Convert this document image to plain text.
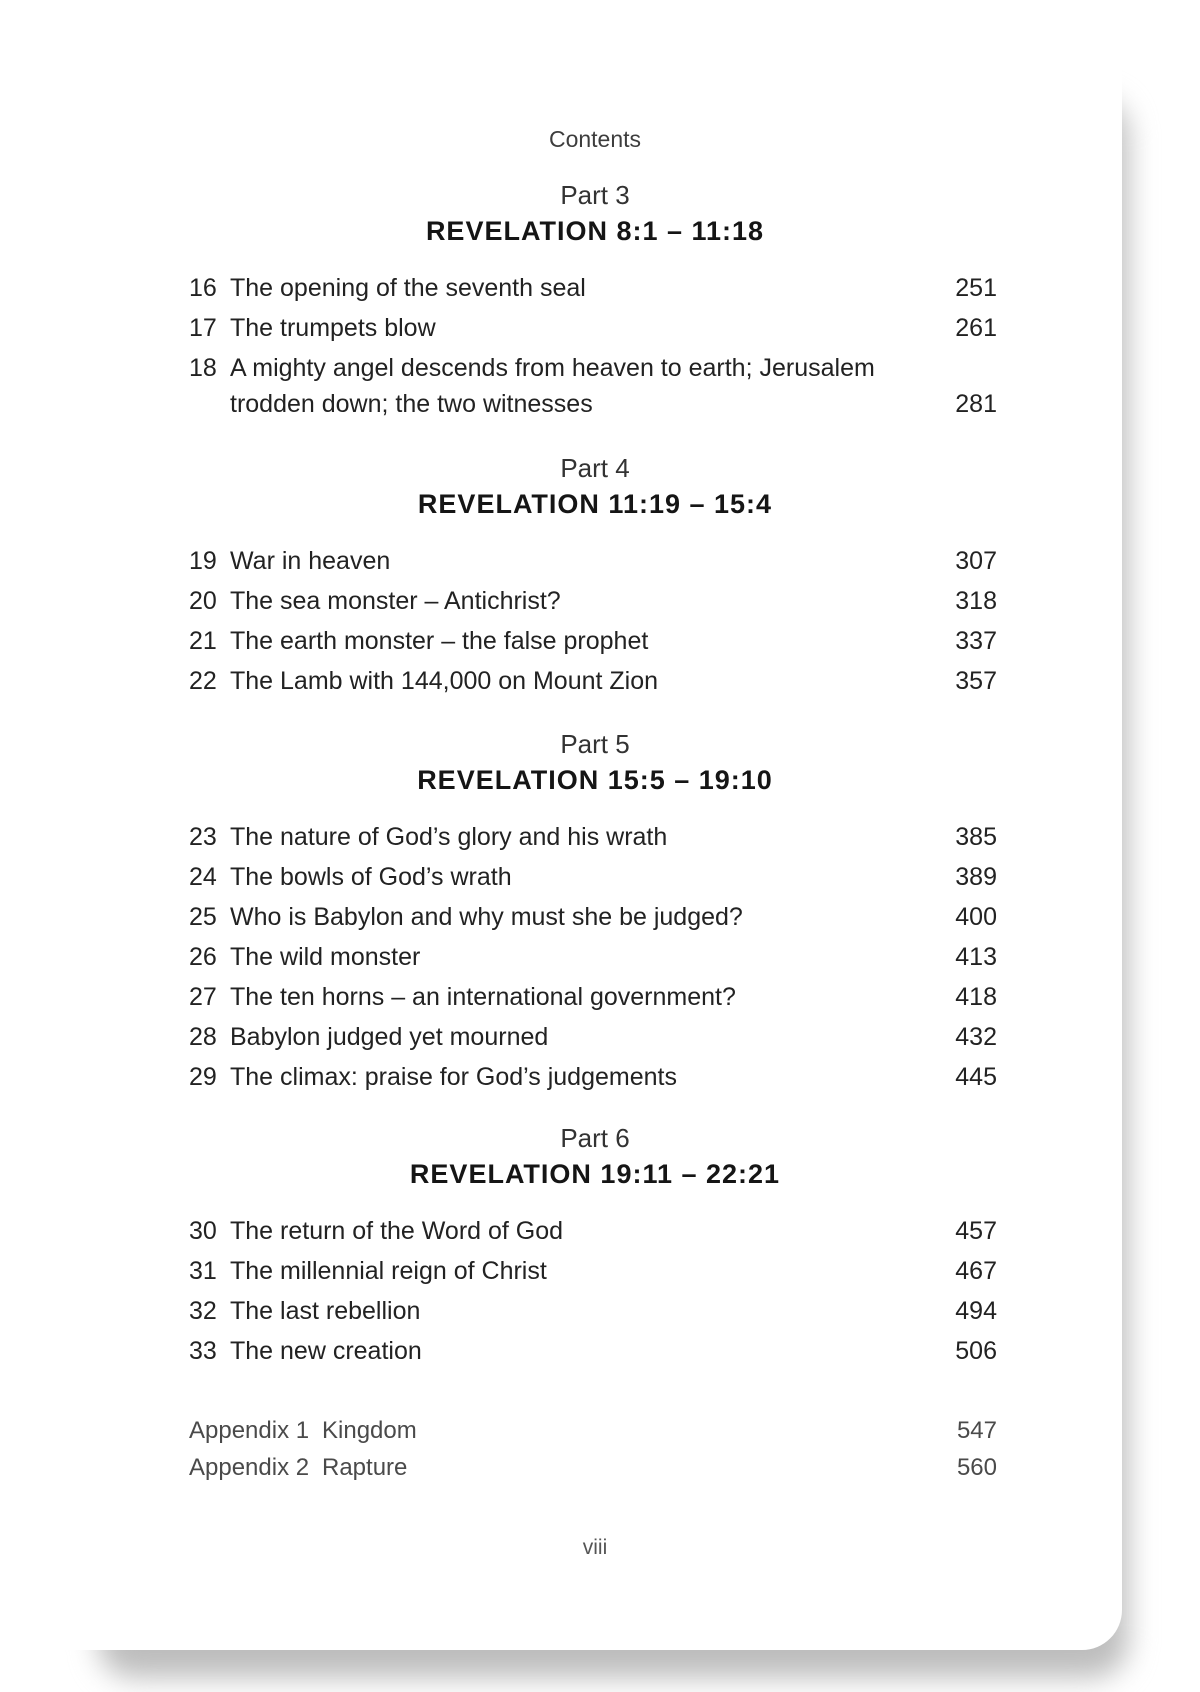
Contents
Part 3
REVELATION 8:1 – 11:18
16 The opening of the seventh seal	251
17 The trumpets blow	261
18 A mighty angel descends from heaven to earth; Jerusalem
trodden down; the two witnesses	281
Part 4
REVELATION 11:19 – 15:4
19 War in heaven	307
20 The sea monster – Antichrist?	318
21 The earth monster – the false prophet	337
22 The Lamb with 144,000 on Mount Zion	357
Part 5
REVELATION 15:5 – 19:10
23 The nature of God’s glory and his wrath	385
24 The bowls of God’s wrath	389
25 Who is Babylon and why must she be judged?	400
26 The wild monster	413
27 The ten horns – an international government?	418
28 Babylon judged yet mourned	432
29 The climax: praise for God’s judgements	445
Part 6
REVELATION 19:11 – 22:21
30 The return of the Word of God	457
31 The millennial reign of Christ	467
32 The last rebellion	494
33 The new creation	506
Appendix 1 Kingdom	547
Appendix 2 Rapture	560
viii
